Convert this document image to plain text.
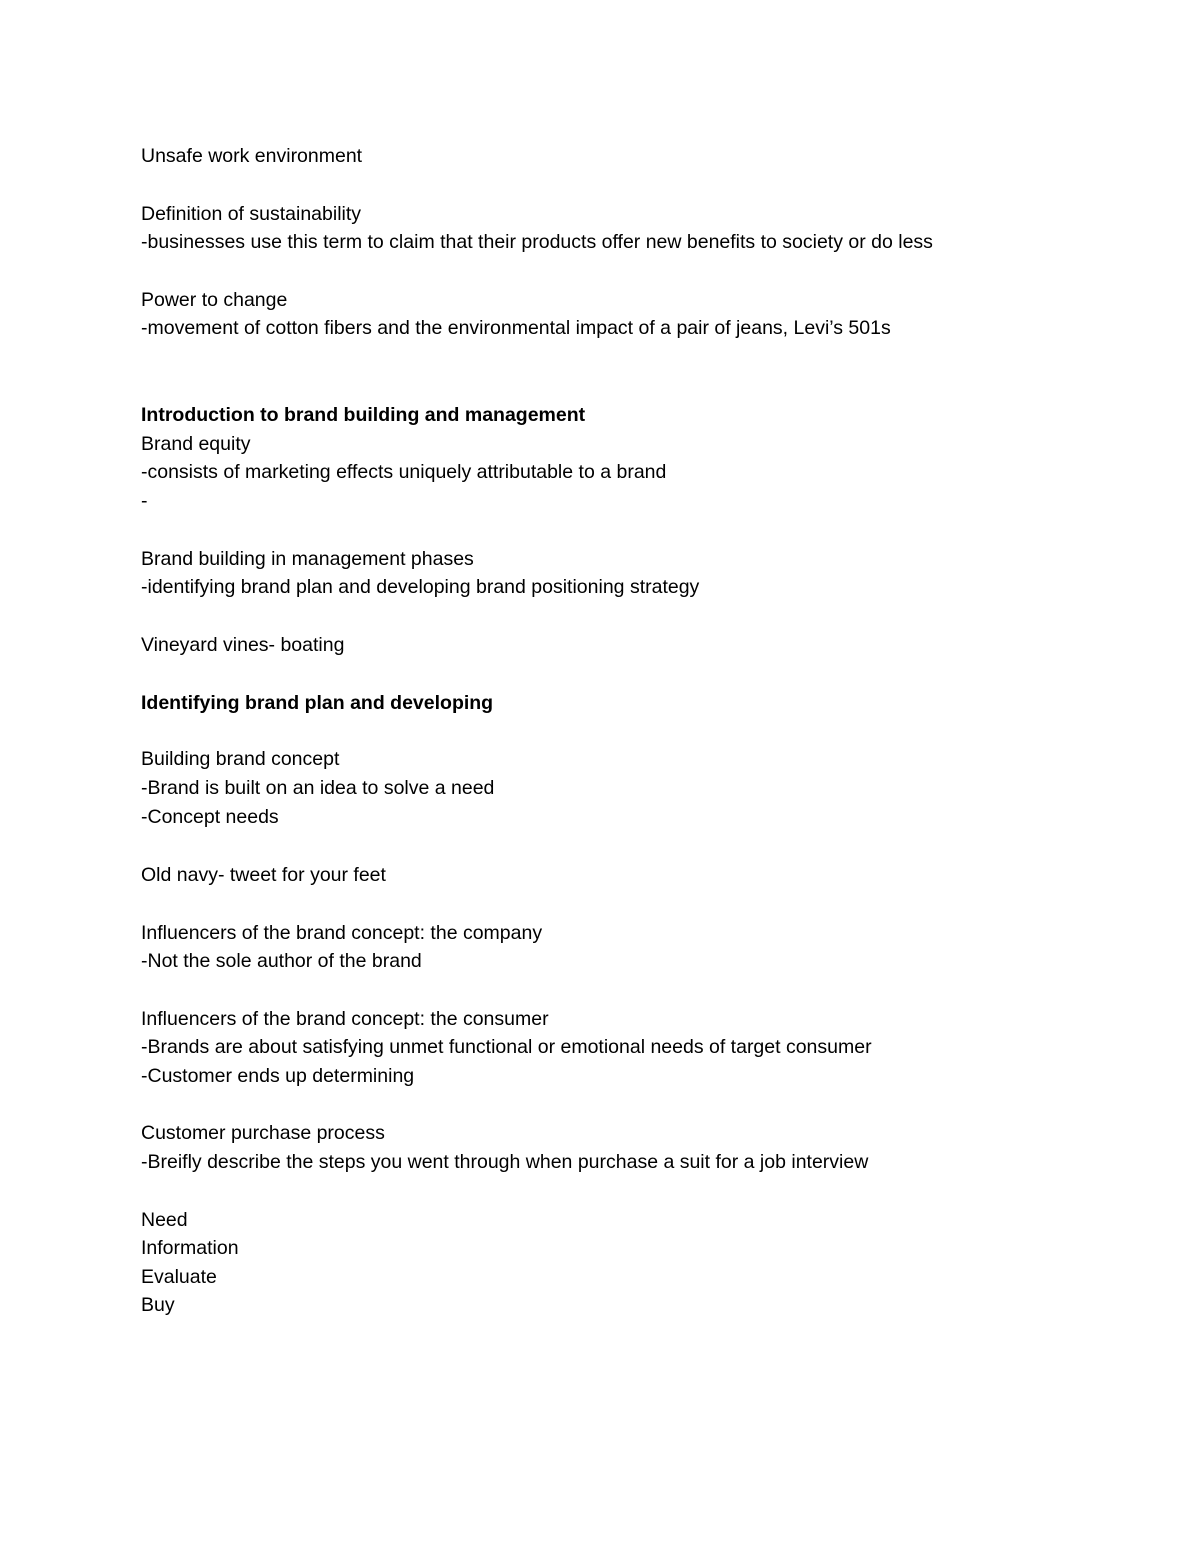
Unsafe work environment
Definition of sustainability
-businesses use this term to claim that their products offer new benefits to society or do less
Power to change
-movement of cotton fibers and the environmental impact of a pair of jeans, Levi’s 501s
Introduction to brand building and management
Brand equity
-consists of marketing effects uniquely attributable to a brand
-
Brand building in management phases
-identifying brand plan and developing brand positioning strategy
Vineyard vines- boating
Identifying brand plan and developing
Building brand concept
-Brand is built on an idea to solve a need
-Concept needs
Old navy- tweet for your feet
Influencers of the brand concept: the company
-Not the sole author of the brand
Influencers of the brand concept: the consumer
-Brands are about satisfying unmet functional or emotional needs of target consumer
-Customer ends up determining
Customer purchase process
-Breifly describe the steps you went through when purchase a suit for a job interview
Need
Information
Evaluate
Buy
